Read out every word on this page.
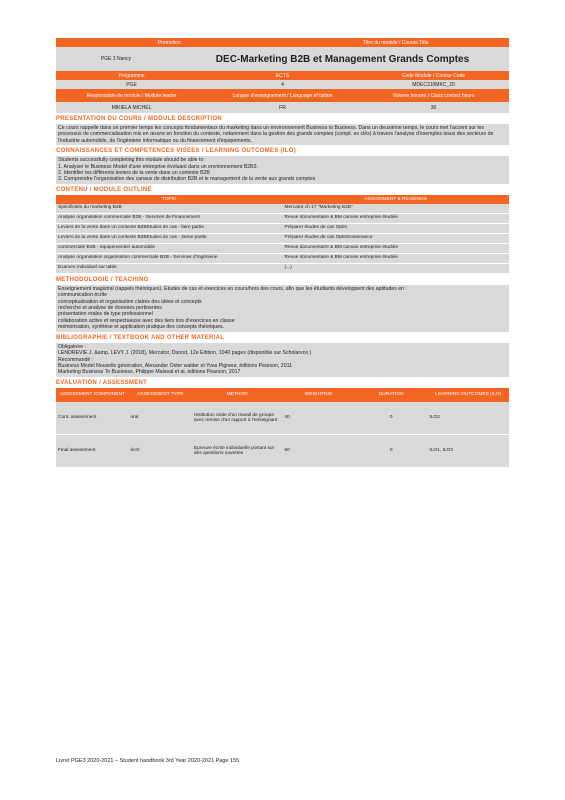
Promotion	Titre du module / Course Title
PGE 3 Nancy	DEC-Marketing B2B et Management Grands Comptes
Programme	ECTS	Code Module / Course Code
PGE	4	MDEC310MKC_20
Responsable de module / Module leader	Langue d'enseignement / Language of tuition	Volume horaire / Class contact hours
MIKIELA MICHEL	FR	30
PRESENTATION DU COURS / MODULE DESCRIPTION
Ce cours rappelle dans un premier temps les concepts fondamentaux du marketing dans un environnement Business to Business. Dans un deuxième temps, le cours met l'accent sur les processus de commercialisation mis en œuvre en fonction du contexte, notamment dans la gestion des grands comptes (compt. es clés) à travers l'analyse d'exemples issus des secteurs de l'industrie automobile, de l'ingénierie informatique ou du financement d'équipements.
CONNAISSANCES ET COMPETENCES VISEES / LEARNING OUTCOMES (ILO)

Students successfully completing this module should be able to:

1. Analyser le Business Model d'une entreprise évoluant dans un environnement B2B3.

2. Identifier les différents leviers de la vente dans un contexte B2B

3. Comprendre l'organisation des canaux de distribution B2B et le management de la vente aux grands comptes

CONTENU / MODULE OUTLINE
TOPIC	ASSIGNMENT & READINGS
Spécificités du marketing B2B	Mercator ch 17 "Marketing B2B"
Analyse organisation commerciale B2B - Services de Financement	Revue documentaire & BM canvas entreprise étudiée
Leviers de la vente dans un contexte B2BEtudes de cas - faire partie	Préparer études de cas Optis
Leviers de la vente dans un contexte B2BEtudes de cas - 2eme partie	Préparer études de cas OptisSoutenance
commerciale B2B - équipementier automobile	Revue documentaire & BM canvas entreprise étudiée
Analyse organisation organisation commerciale B2B - Services d'Ingénierie	Revue documentaire & BM canvas entreprise étudiée
Examen individuel sur table	(...)
METHODOLOGIE / TEACHING

Enseignement magistral (rappels théoriques). Etudes de cas et exercices en cours/hors des cours, afin que les étudiants développent des aptitudes en :

communication écrite

conceptualisation et organisation claires des idées et concepts

recherche et analyse de données pertinentes

présentation orales de type professionnel

collaboration active et respectueuse avec des tiers lors d'exercices en classe

mémorisation, synthèse et application pratique des concepts théoriques.

BIBLIOGRAPHIE / TEXTBOOK AND OTHER MATERIAL

Obligatoire :

LENDREVIE J. &amp, LEVY J. (2018), Mercator, Dunod, 12e Edition, 1040 pages (disponible sur Scholarvox )

Recommandé :

Business Model Nouvelle génération, Alexander Oster walder et Yves Pigneur, éditions Pearson, 2011

Marketing Business To Business, Philippe Malaval et al, éditions Pearson, 2017

EVALUATION / ASSESSMENT
ASSESSMENT COMPONENT	ASSESSMENT TYPE	METHOD	WEIGHTING	DURATION	LEARNING OUTCOMES (ILO)
Cont. assessment	oral	restitution orale d'un travail de groupe avec remise d'un rapport à l'enseignant	40	0	ILO2
Final assessment	écrit	Epreuve écrite individuelle portant sur des questions ouvertes	60	0	ILO1, ILO3
Livret PGE3 2020-2021 – Student handbook 3rd Year 2020-2021 Page 155
